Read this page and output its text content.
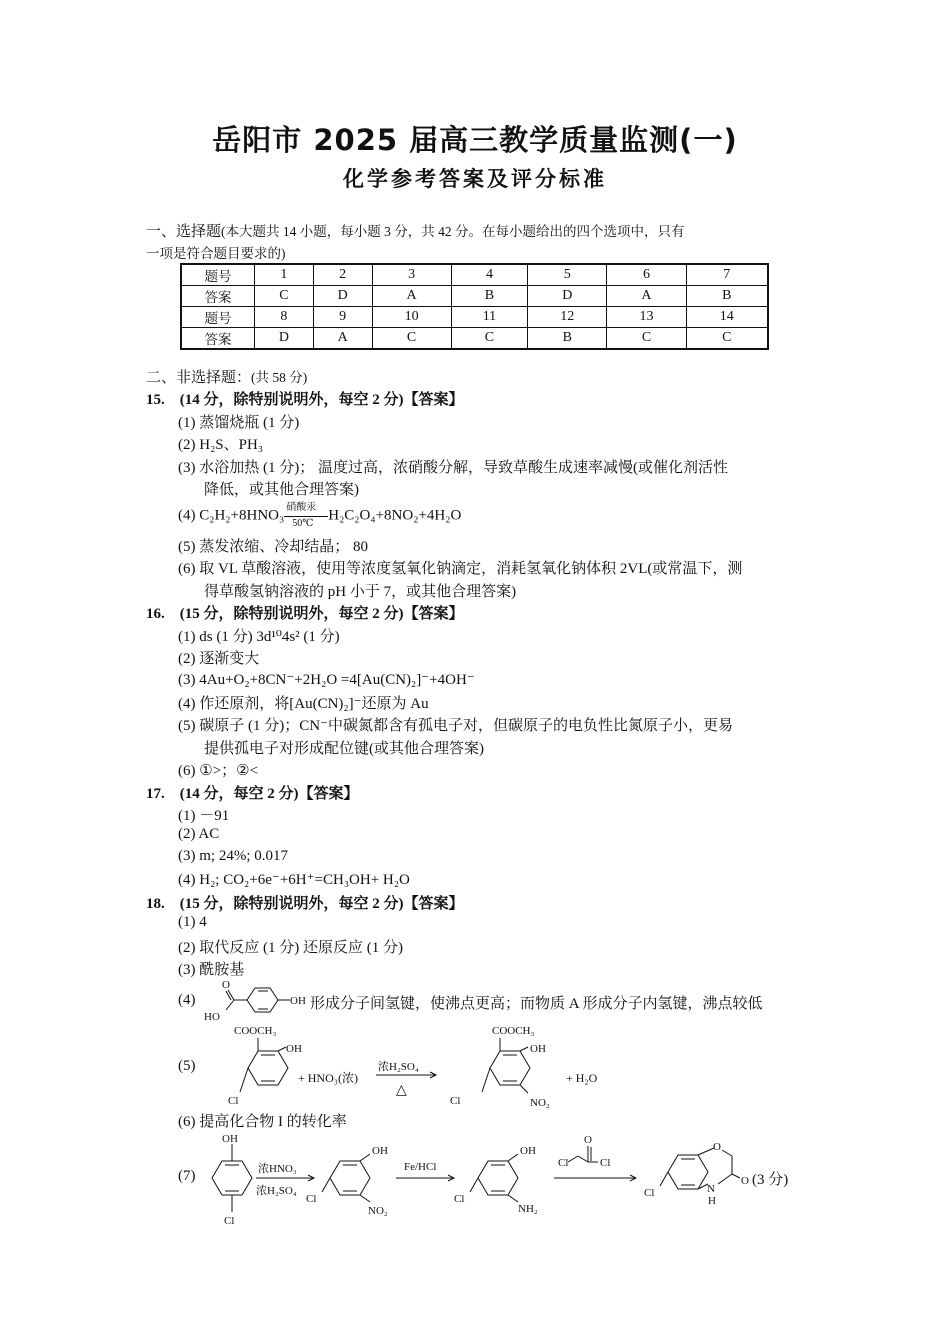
岳阳市 2025 届高三教学质量监测(一)
化学参考答案及评分标准
一、选择题(本大题共 14 小题，每小题 3 分，共 42 分。在每小题给出的四个选项中，只有
一项是符合题目要求的)
题号	1	2	3	4	5	6	7
答案	C	D	A	B	D	A	B
题号	8	9	10	11	12	13	14
答案	D	A	C	C	B	C	C
二、非选择题：(共 58 分)
15.　(14 分，除特别说明外，每空 2 分)【答案】
(1) 蒸馏烧瓶 (1 分)
(2) H₂S、PH₃
(3) 水浴加热 (1 分)； 温度过高，浓硝酸分解，导致草酸生成速率减慢(或催化剂活性
降低，或其他合理答案)
(4) C₂H₂+8HNO₃ 硝酸汞
50℃
H₂C₂O₄+8NO₂+4H₂O
(5) 蒸发浓缩、冷却结晶； 80
(6) 取 VL 草酸溶液，使用等浓度氢氧化钠滴定，消耗氢氧化钠体积 2VL(或常温下，测
得草酸氢钠溶液的 pH 小于 7，或其他合理答案)
16.　(15 分，除特别说明外，每空 2 分)【答案】
(1) ds (1 分) 3d¹⁰4s² (1 分)
(2) 逐渐变大
(3) 4Au+O₂+8CN⁻+2H₂O =4[Au(CN)₂]⁻+4OH⁻
(4) 作还原剂，将[Au(CN)₂]⁻还原为 Au
(5) 碳原子 (1 分)；CN⁻中碳氮都含有孤电子对，但碳原子的电负性比氮原子小，更易
提供孤电子对形成配位键(或其他合理答案)
(6) ①>；②<
17.　(14 分，每空 2 分)【答案】
(1) －91
(2) AC
(3) m; 24%; 0.017
(4) H₂; CO₂+6e⁻+6H⁺=CH₃OH+ H₂O
18.　(15 分，除特别说明外，每空 2 分)【答案】
(1) 4
(2) 取代反应 (1 分) 还原反应 (1 分)
(3) 酰胺基
(4)
O
HO
OH 形成分子间氢键，使沸点更高；而物质 A 形成分子内氢键，沸点较低
(5)
COOCH₃
OH
Cl
+ HNO₃(浓)
浓H₂SO₄
△
COOCH₃
OH
Cl	NO₂
+ H₂O
(6) 提高化合物 I 的转化率
(7)
OH
Cl
浓HNO₃
浓H₂SO₄
OH
Cl
NO₂
Fe/HCl
OH
Cl
NH₂
Cl
O
Cl
Cl
O
N
H
O (3 分)
